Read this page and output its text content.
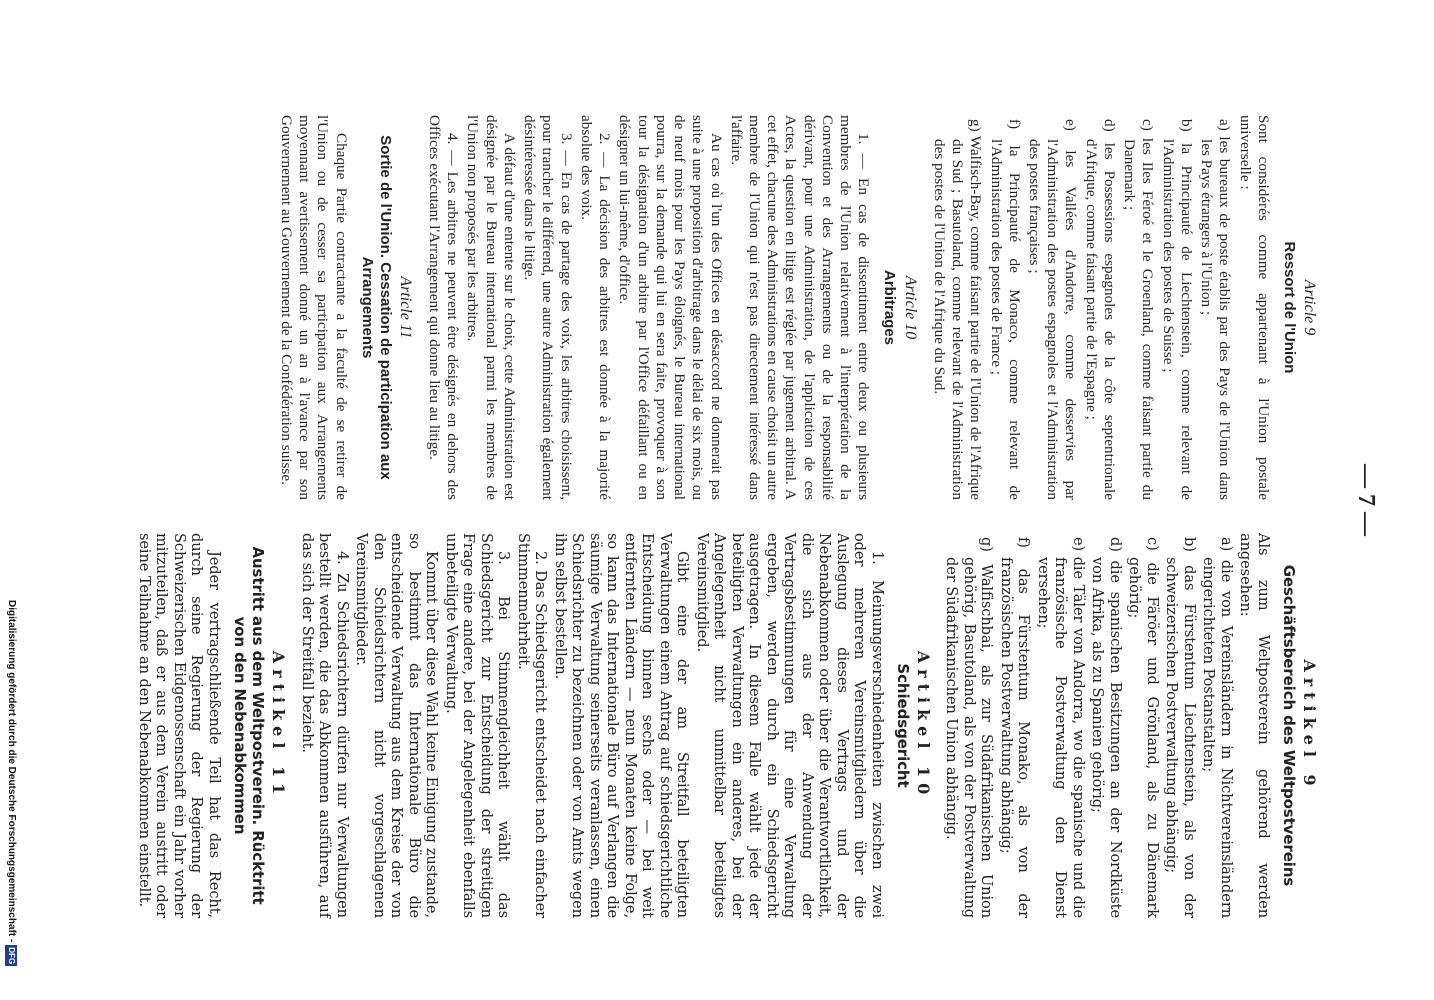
— 7 —
Article 9
Ressort de l'Union

Sont considérés comme appartenant à l'Union postale universelle :

a) les bureaux de poste établis par des Pays de l'Union dans les Pays étrangers à l'Union ;
b) la Principauté de Liechtenstein, comme relevant de l'Administration des postes de Suisse ;
c) les Iles Féroé et le Groenland, comme faisant partie du Danemark ;
d) les Possessions espagnoles de la côte septentrionale d'Afrique, comme faisant partie de l'Espagne ;
e) les Vallées d'Andorre, comme desservies par l'Administration des postes espagnoles et l'Administration des postes françaises ;
f) la Principauté de Monaco, comme relevant de l'Administration des postes de France ;
g) Walfisch-Bay, comme faisant partie de l'Union de l'Afrique du Sud ; Basutoland, comme relevant de l'Administration des postes de l'Union de l'Afrique du Sud.
Article 10
Arbitrages

1. — En cas de dissentiment entre deux ou plusieurs membres de l'Union relativement à l'interprétation de la Convention et des Arrangements ou de la responsabilité dérivant, pour une Administration, de l'application de ces Actes, la question en litige est réglée par jugement arbitral. A cet effet, chacune des Administrations en cause choisit un autre membre de l'Union qui n'est pas directement intéressé dans l'affaire.

Au cas où l'un des Offices en désaccord ne donnerait pas suite à une proposition d'arbitrage dans le délai de six mois, ou de neuf mois pour les Pays éloignés, le Bureau international pourra, sur la demande qui lui en sera faite, provoquer à son tour la désignation d'un arbitre par l'Office défaillant ou en désigner un lui-même, d'office.

2. — La décision des arbitres est donnée à la majorité absolue des voix.

3. — En cas de partage des voix, les arbitres choisissent, pour trancher le différend, une autre Administration également désintéressée dans le litige.

A défaut d'une entente sur le choix, cette Administration est désignée par le Bureau international parmi les membres de l'Union non proposés par les arbitres.

4. — Les arbitres ne peuvent être désignés en dehors des Offices exécutant l'Arrangement qui donne lieu au litige.

Article 11
Sortie de l'Union. Cessation de participation aux Arrangements

Chaque Partie contractante a la faculté de se retirer de l'Union ou de cesser sa participation aux Arrangements moyennant avertissement donné un an à l'avance par son Gouvernement au Gouvernement de la Confédération suisse.

Artikel 9
Geschäftsbereich des Weltpostvereins

Als zum Weltpostverein gehörend werden angesehen:

a) die von Vereinsländern in Nichtvereinsländern eingerichteten Postanstalten;
b) das Fürstentum Liechtenstein, als von der schweizerischen Postverwaltung abhängig;
c) die Färöer und Grönland, als zu Dänemark gehörig;
d) die spanischen Besitzungen an der Nordküste von Afrika, als zu Spanien gehörig;
e) die Täler von Andorra, wo die spanische und die französische Postverwaltung den Dienst versehen;
f) das Fürstentum Monako, als von der französischen Postverwaltung abhängig;
g) Walfischbai, als zur Südafrikanischen Union gehörig, Basutoland, als von der Postverwaltung der Südafrikanischen Union abhängig.
Artikel 10
Schiedsgericht

1. Meinungsverschiedenheiten zwischen zwei oder mehreren Vereinsmitgliedern über die Auslegung dieses Vertrags und der Nebenabkommen oder über die Verantwortlichkeit, die sich aus der Anwendung der Vertragsbestimmungen für eine Verwaltung ergeben, werden durch ein Schiedsgericht ausgetragen. In diesem Falle wählt jede der beteiligten Verwaltungen ein anderes, bei der Angelegenheit nicht unmittelbar beteiligtes Vereinsmitglied.

Gibt eine der am Streitfall beteiligten Verwaltungen einem Antrag auf schiedsgerichtliche Entscheidung binnen sechs oder — bei weit entfernten Ländern — neun Monaten keine Folge, so kann das Internationale Büro auf Verlangen die säumige Verwaltung seinerseits veranlassen, einen Schiedsrichter zu bezeichnen oder von Amts wegen ihn selbst bestellen.

2. Das Schiedsgericht entscheidet nach einfacher Stimmenmehrheit.

3. Bei Stimmengleichheit wählt das Schiedsgericht zur Entscheidung der streitigen Frage eine andere, bei der Angelegenheit ebenfalls unbeteiligte Verwaltung.

Kommt über diese Wahl keine Einigung zustande, so bestimmt das Internationale Büro die entscheidende Verwaltung aus dem Kreise der von den Schiedsrichtern nicht vorgeschlagenen Vereinsmitglieder.

4. Zu Schiedsrichtern dürfen nur Verwaltungen bestellt werden, die das Abkommen ausführen, auf das sich der Streitfall bezieht.

Artikel 11
Austritt aus dem Weltpostverein. Rücktritt von den Nebenabkommen

Jeder vertragschließende Teil hat das Recht, durch seine Regierung der Regierung der Schweizerischen Eidgenossenschaft ein Jahr vorher mitzuteilen, daß er aus dem Verein austritt oder seine Teilnahme an den Nebenabkommen einstellt.

Digitalisierung gefördert durch die Deutsche Forschungsgemeinschaft -DFG
